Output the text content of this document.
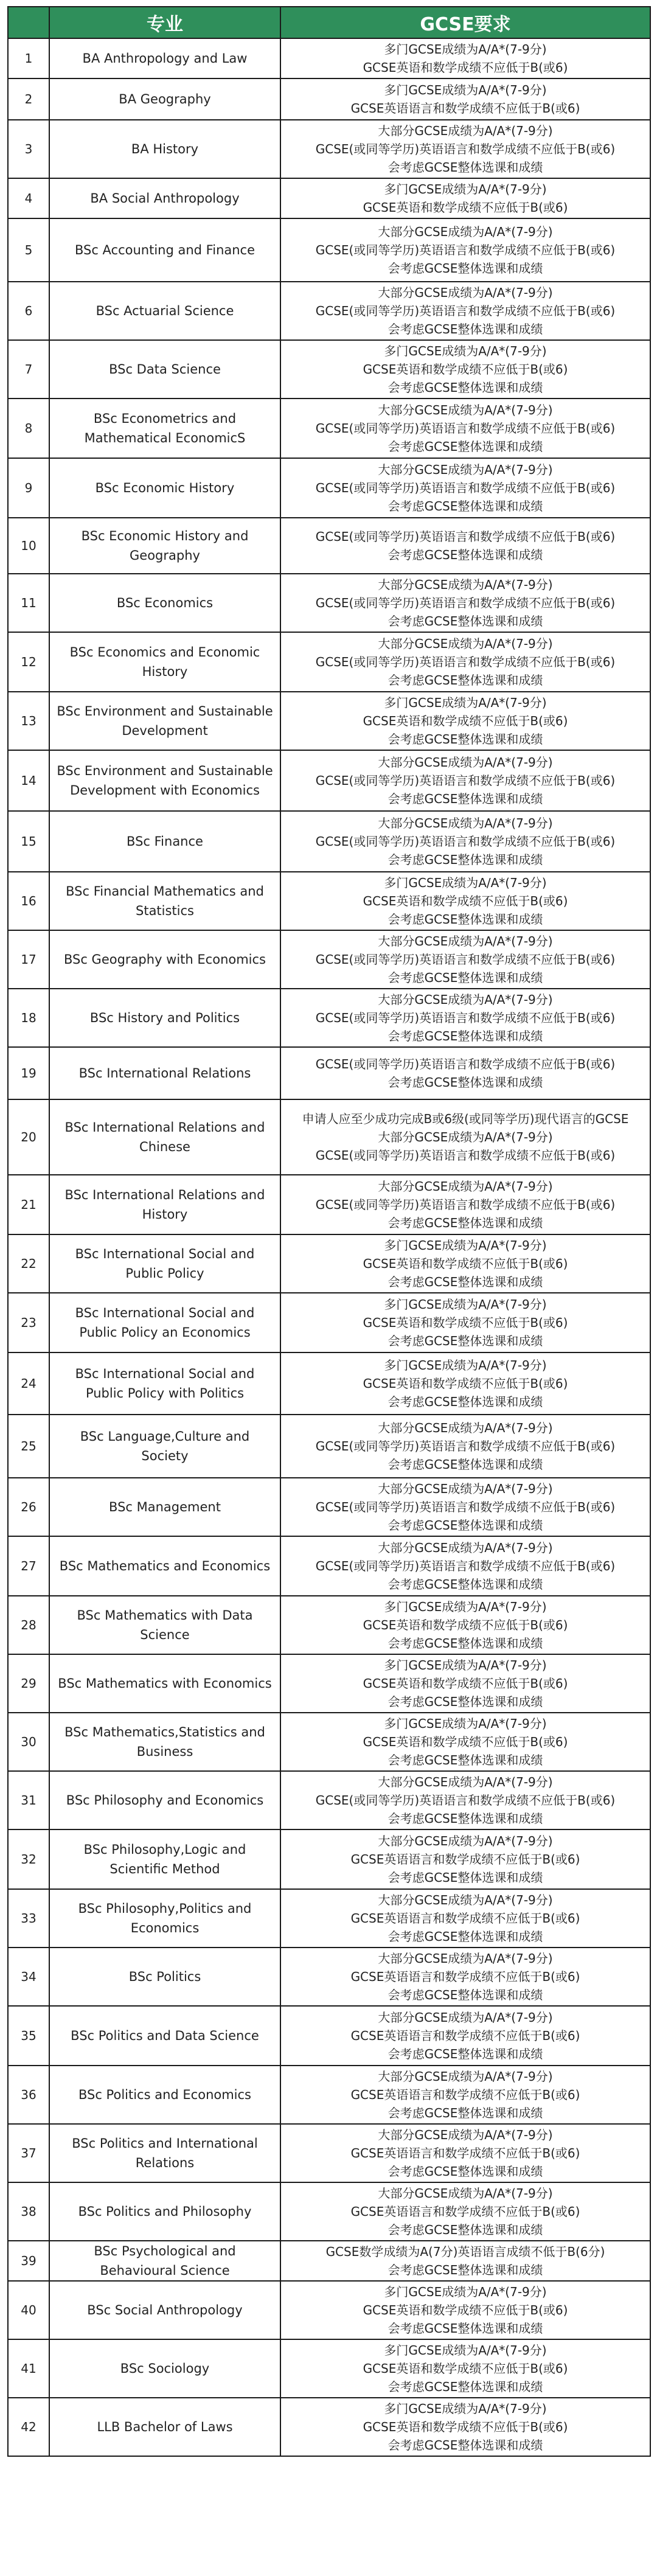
	专业	GCSE要求
1	BA Anthropology and Law	多门GCSE成绩为A/A*(7-9分)
GCSE英语和数学成绩不应低于B(或6)

2	BA Geography	多门GCSE成绩为A/A*(7-9分)
GCSE英语语言和数学成绩不应低于B(或6)

3	BA History	大部分GCSE成绩为A/A*(7-9分)
GCSE(或同等学历)英语语言和数学成绩不应低于B(或6)
会考虑GCSE整体选课和成绩

4	BA Social Anthropology	多门GCSE成绩为A/A*(7-9分)
GCSE英语和数学成绩不应低于B(或6)

5	BSc Accounting and Finance	大部分GCSE成绩为A/A*(7-9分)
GCSE(或同等学历)英语语言和数学成绩不应低于B(或6)
会考虑GCSE整体选课和成绩

6	BSc Actuarial Science	大部分GCSE成绩为A/A*(7-9分)
GCSE(或同等学历)英语语言和数学成绩不应低于B(或6)
会考虑GCSE整体选课和成绩

7	BSc Data Science	多门GCSE成绩为A/A*(7-9分)
GCSE英语和数学成绩不应低于B(或6)
会考虑GCSE整体选课和成绩

8	BSc Econometrics and Mathematical EconomicS	大部分GCSE成绩为A/A*(7-9分)
GCSE(或同等学历)英语语言和数学成绩不应低于B(或6)
会考虑GCSE整体选课和成绩

9	BSc Economic History	大部分GCSE成绩为A/A*(7-9分)
GCSE(或同等学历)英语语言和数学成绩不应低于B(或6)
会考虑GCSE整体选课和成绩

10	BSc Economic History and Geography	GCSE(或同等学历)英语语言和数学成绩不应低于B(或6)
会考虑GCSE整体选课和成绩

11	BSc Economics	大部分GCSE成绩为A/A*(7-9分)
GCSE(或同等学历)英语语言和数学成绩不应低于B(或6)
会考虑GCSE整体选课和成绩

12	BSc Economics and Economic History	大部分GCSE成绩为A/A*(7-9分)
GCSE(或同等学历)英语语言和数学成绩不应低于B(或6)
会考虑GCSE整体选课和成绩

13	BSc Environment and Sustainable Development	多门GCSE成绩为A/A*(7-9分)
GCSE英语和数学成绩不应低于B(或6)
会考虑GCSE整体选课和成绩

14	BSc Environment and Sustainable Development with Economics	大部分GCSE成绩为A/A*(7-9分)
GCSE(或同等学历)英语语言和数学成绩不应低于B(或6)
会考虑GCSE整体选课和成绩

15	BSc Finance	大部分GCSE成绩为A/A*(7-9分)
GCSE(或同等学历)英语语言和数学成绩不应低于B(或6)
会考虑GCSE整体选课和成绩

16	BSc Financial Mathematics and Statistics	多门GCSE成绩为A/A*(7-9分)
GCSE英语和数学成绩不应低于B(或6)
会考虑GCSE整体选课和成绩

17	BSc Geography with Economics	大部分GCSE成绩为A/A*(7-9分)
GCSE(或同等学历)英语语言和数学成绩不应低于B(或6)
会考虑GCSE整体选课和成绩

18	BSc History and Politics	大部分GCSE成绩为A/A*(7-9分)
GCSE(或同等学历)英语语言和数学成绩不应低于B(或6)
会考虑GCSE整体选课和成绩

19	BSc International Relations	GCSE(或同等学历)英语语言和数学成绩不应低于B(或6)
会考虑GCSE整体选课和成绩

20	BSc International Relations and Chinese	申请人应至少成功完成B或6级(或同等学历)现代语言的GCSE
大部分GCSE成绩为A/A*(7-9分)
GCSE(或同等学历)英语语言和数学成绩不应低于B(或6)

21	BSc International Relations and History	大部分GCSE成绩为A/A*(7-9分)
GCSE(或同等学历)英语语言和数学成绩不应低于B(或6)
会考虑GCSE整体选课和成绩

22	BSc International Social and Public Policy	多门GCSE成绩为A/A*(7-9分)
GCSE英语和数学成绩不应低于B(或6)
会考虑GCSE整体选课和成绩

23	BSc International Social and Public Policy an Economics	多门GCSE成绩为A/A*(7-9分)
GCSE英语和数学成绩不应低于B(或6)
会考虑GCSE整体选课和成绩

24	BSc International Social and Public Policy with Politics	多门GCSE成绩为A/A*(7-9分)
GCSE英语和数学成绩不应低于B(或6)
会考虑GCSE整体选课和成绩

25	BSc Language,Culture and Society	大部分GCSE成绩为A/A*(7-9分)
GCSE(或同等学历)英语语言和数学成绩不应低于B(或6)
会考虑GCSE整体选课和成绩

26	BSc Management	大部分GCSE成绩为A/A*(7-9分)
GCSE(或同等学历)英语语言和数学成绩不应低于B(或6)
会考虑GCSE整体选课和成绩

27	BSc Mathematics and Economics	大部分GCSE成绩为A/A*(7-9分)
GCSE(或同等学历)英语语言和数学成绩不应低于B(或6)
会考虑GCSE整体选课和成绩

28	BSc Mathematics with Data Science	多门GCSE成绩为A/A*(7-9分)
GCSE英语和数学成绩不应低于B(或6)
会考虑GCSE整体选课和成绩

29	BSc Mathematics with Economics	多门GCSE成绩为A/A*(7-9分)
GCSE英语和数学成绩不应低于B(或6)
会考虑GCSE整体选课和成绩

30	BSc Mathematics,Statistics and Business	多门GCSE成绩为A/A*(7-9分)
GCSE英语和数学成绩不应低于B(或6)
会考虑GCSE整体选课和成绩

31	BSc Philosophy and Economics	大部分GCSE成绩为A/A*(7-9分)
GCSE(或同等学历)英语语言和数学成绩不应低于B(或6)
会考虑GCSE整体选课和成绩

32	BSc Philosophy,Logic and Scientific Method	大部分GCSE成绩为A/A*(7-9分)
GCSE英语语言和数学成绩不应低于B(或6)
会考虑GCSE整体选课和成绩

33	BSc Philosophy,Politics and Economics	大部分GCSE成绩为A/A*(7-9分)
GCSE英语语言和数学成绩不应低于B(或6)
会考虑GCSE整体选课和成绩

34	BSc Politics	大部分GCSE成绩为A/A*(7-9分)
GCSE英语语言和数学成绩不应低于B(或6)
会考虑GCSE整体选课和成绩

35	BSc Politics and Data Science	大部分GCSE成绩为A/A*(7-9分)
GCSE英语语言和数学成绩不应低于B(或6)
会考虑GCSE整体选课和成绩

36	BSc Politics and Economics	大部分GCSE成绩为A/A*(7-9分)
GCSE英语语言和数学成绩不应低于B(或6)
会考虑GCSE整体选课和成绩

37	BSc Politics and International Relations	大部分GCSE成绩为A/A*(7-9分)
GCSE英语语言和数学成绩不应低于B(或6)
会考虑GCSE整体选课和成绩

38	BSc Politics and Philosophy	大部分GCSE成绩为A/A*(7-9分)
GCSE英语语言和数学成绩不应低于B(或6)
会考虑GCSE整体选课和成绩

39	BSc Psychological and Behavioural Science	GCSE数学成绩为A(7分)英语语言成绩不低于B(6分)
会考虑GCSE整体选课和成绩

40	BSc Social Anthropology	多门GCSE成绩为A/A*(7-9分)
GCSE英语和数学成绩不应低于B(或6)
会考虑GCSE整体选课和成绩

41	BSc Sociology	多门GCSE成绩为A/A*(7-9分)
GCSE英语和数学成绩不应低于B(或6)
会考虑GCSE整体选课和成绩

42	LLB Bachelor of Laws	多门GCSE成绩为A/A*(7-9分)
GCSE英语和数学成绩不应低于B(或6)
会考虑GCSE整体选课和成绩
